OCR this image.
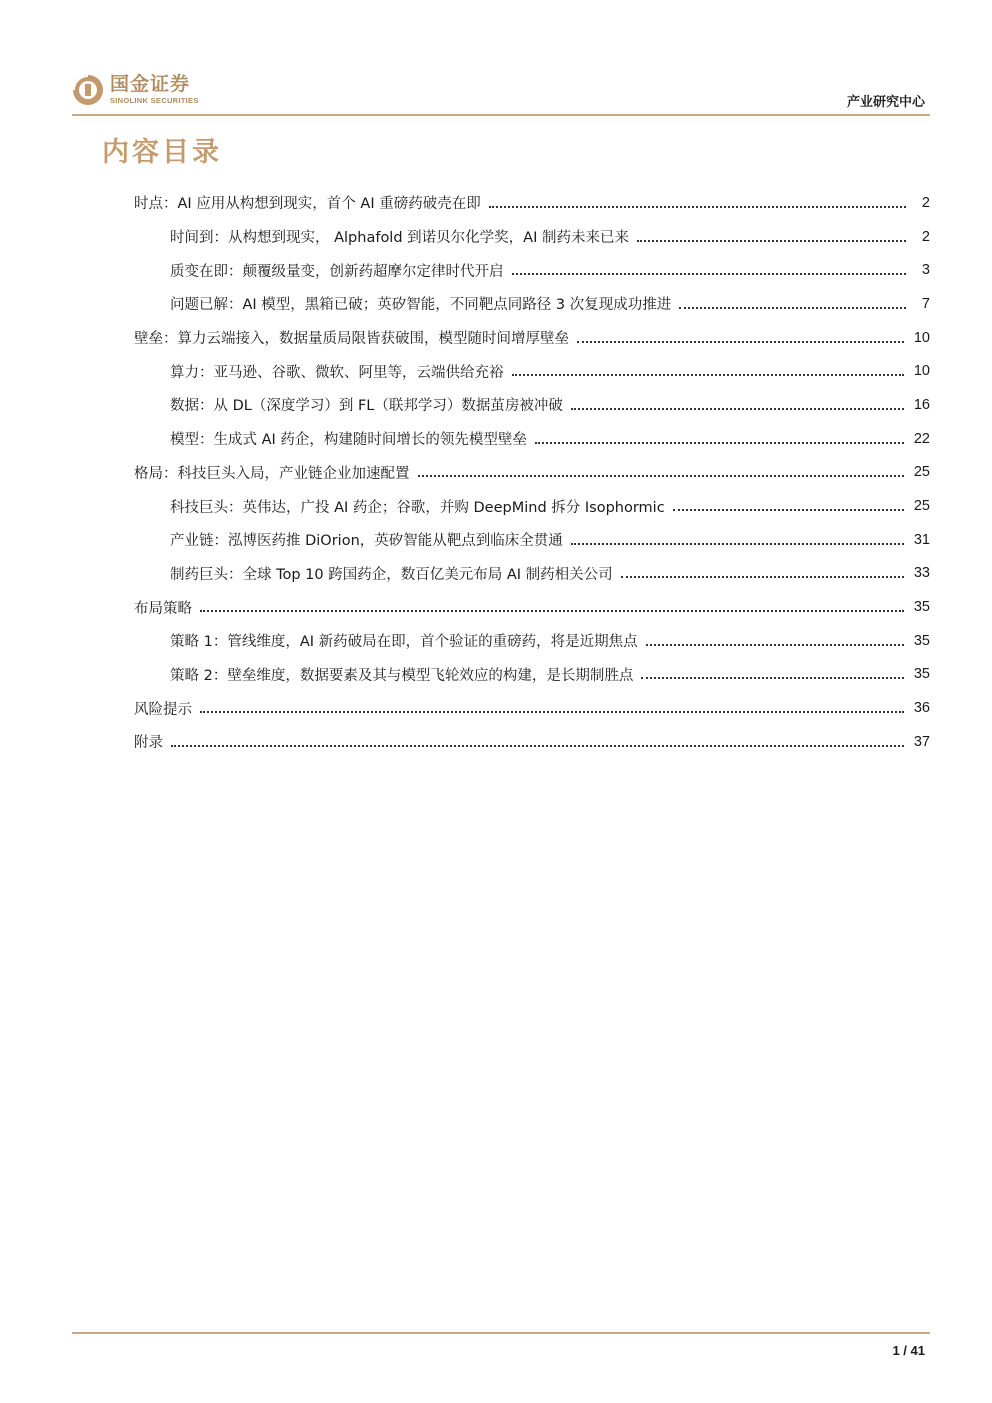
国金证券
SINOLINK SECURITIES	产业研究中心
内容目录
时点：AI 应用从构想到现实，首个 AI 重磅药破壳在即	2
时间到：从构想到现实， Alphafold 到诺贝尔化学奖，AI 制药未来已来	2
质变在即：颠覆级量变，创新药超摩尔定律时代开启	3
问题已解：AI 模型，黑箱已破；英矽智能，不同靶点同路径 3 次复现成功推进	7
壁垒：算力云端接入，数据量质局限皆获破围，模型随时间增厚壁垒	10
算力：亚马逊、谷歌、微软、阿里等，云端供给充裕	10
数据：从 DL（深度学习）到 FL（联邦学习）数据茧房被冲破	16
模型：生成式 AI 药企，构建随时间增长的领先模型壁垒	22
格局：科技巨头入局，产业链企业加速配置	25
科技巨头：英伟达，广投 AI 药企；谷歌，并购 DeepMind 拆分 Isophormic	25
产业链：泓博医药推 DiOrion，英矽智能从靶点到临床全贯通	31
制药巨头：全球 Top 10 跨国药企，数百亿美元布局 AI 制药相关公司	33
布局策略	35
策略 1：管线维度，AI 新药破局在即，首个验证的重磅药，将是近期焦点	35
策略 2：壁垒维度，数据要素及其与模型飞轮效应的构建，是长期制胜点	35
风险提示	36
附录	37
1 / 41
